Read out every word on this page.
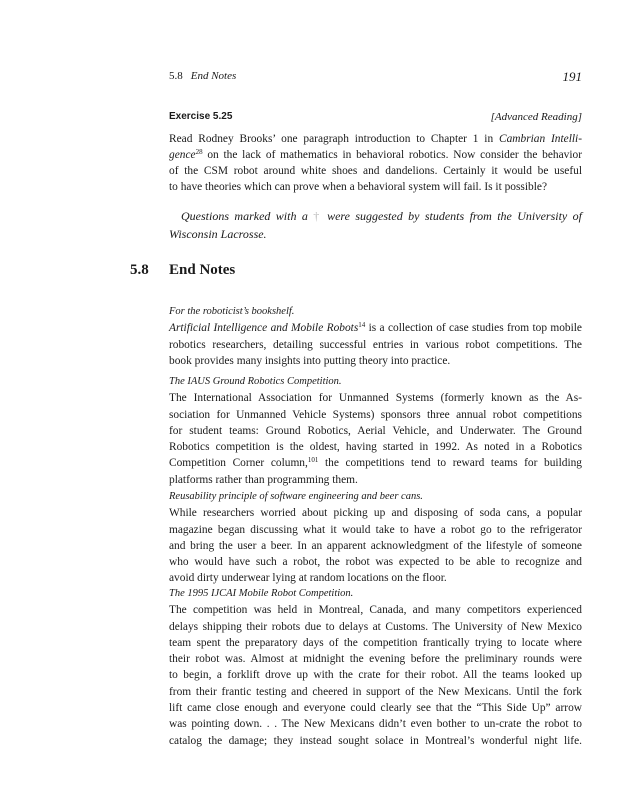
5.8 End Notes	191
Exercise 5.25	[Advanced Reading]
Read Rodney Brooks’ one paragraph introduction to Chapter 1 in Cambrian Intelli-
gence$^{28}$ on the lack of mathematics in behavioral robotics. Now consider the behavior
of the CSM robot around white shoes and dandelions. Certainly it would be useful
to have theories which can prove when a behavioral system will fail. Is it possible?
Questions marked with a † were suggested by students from the University of
Wisconsin Lacrosse.
5.8 End Notes
For the roboticist’s bookshelf.
Artificial Intelligence and Mobile Robots$^{14}$ is a collection of case studies from top mobile
robotics researchers, detailing successful entries in various robot competitions. The
book provides many insights into putting theory into practice.
The IAUS Ground Robotics Competition.
The International Association for Unmanned Systems (formerly known as the As-
sociation for Unmanned Vehicle Systems) sponsors three annual robot competitions
for student teams: Ground Robotics, Aerial Vehicle, and Underwater. The Ground
Robotics competition is the oldest, having started in 1992. As noted in a Robotics
Competition Corner column,$^{101}$ the competitions tend to reward teams for building
platforms rather than programming them.
Reusability principle of software engineering and beer cans.
While researchers worried about picking up and disposing of soda cans, a popular
magazine began discussing what it would take to have a robot go to the refrigerator
and bring the user a beer. In an apparent acknowledgment of the lifestyle of someone
who would have such a robot, the robot was expected to be able to recognize and
avoid dirty underwear lying at random locations on the floor.
The 1995 IJCAI Mobile Robot Competition.
The competition was held in Montreal, Canada, and many competitors experienced
delays shipping their robots due to delays at Customs. The University of New Mexico
team spent the preparatory days of the competition frantically trying to locate where
their robot was. Almost at midnight the evening before the preliminary rounds were
to begin, a forklift drove up with the crate for their robot. All the teams looked up
from their frantic testing and cheered in support of the New Mexicans. Until the fork
lift came close enough and everyone could clearly see that the “This Side Up” arrow
was pointing down. . . The New Mexicans didn’t even bother to un-crate the robot to
catalog the damage; they instead sought solace in Montreal’s wonderful night life.
